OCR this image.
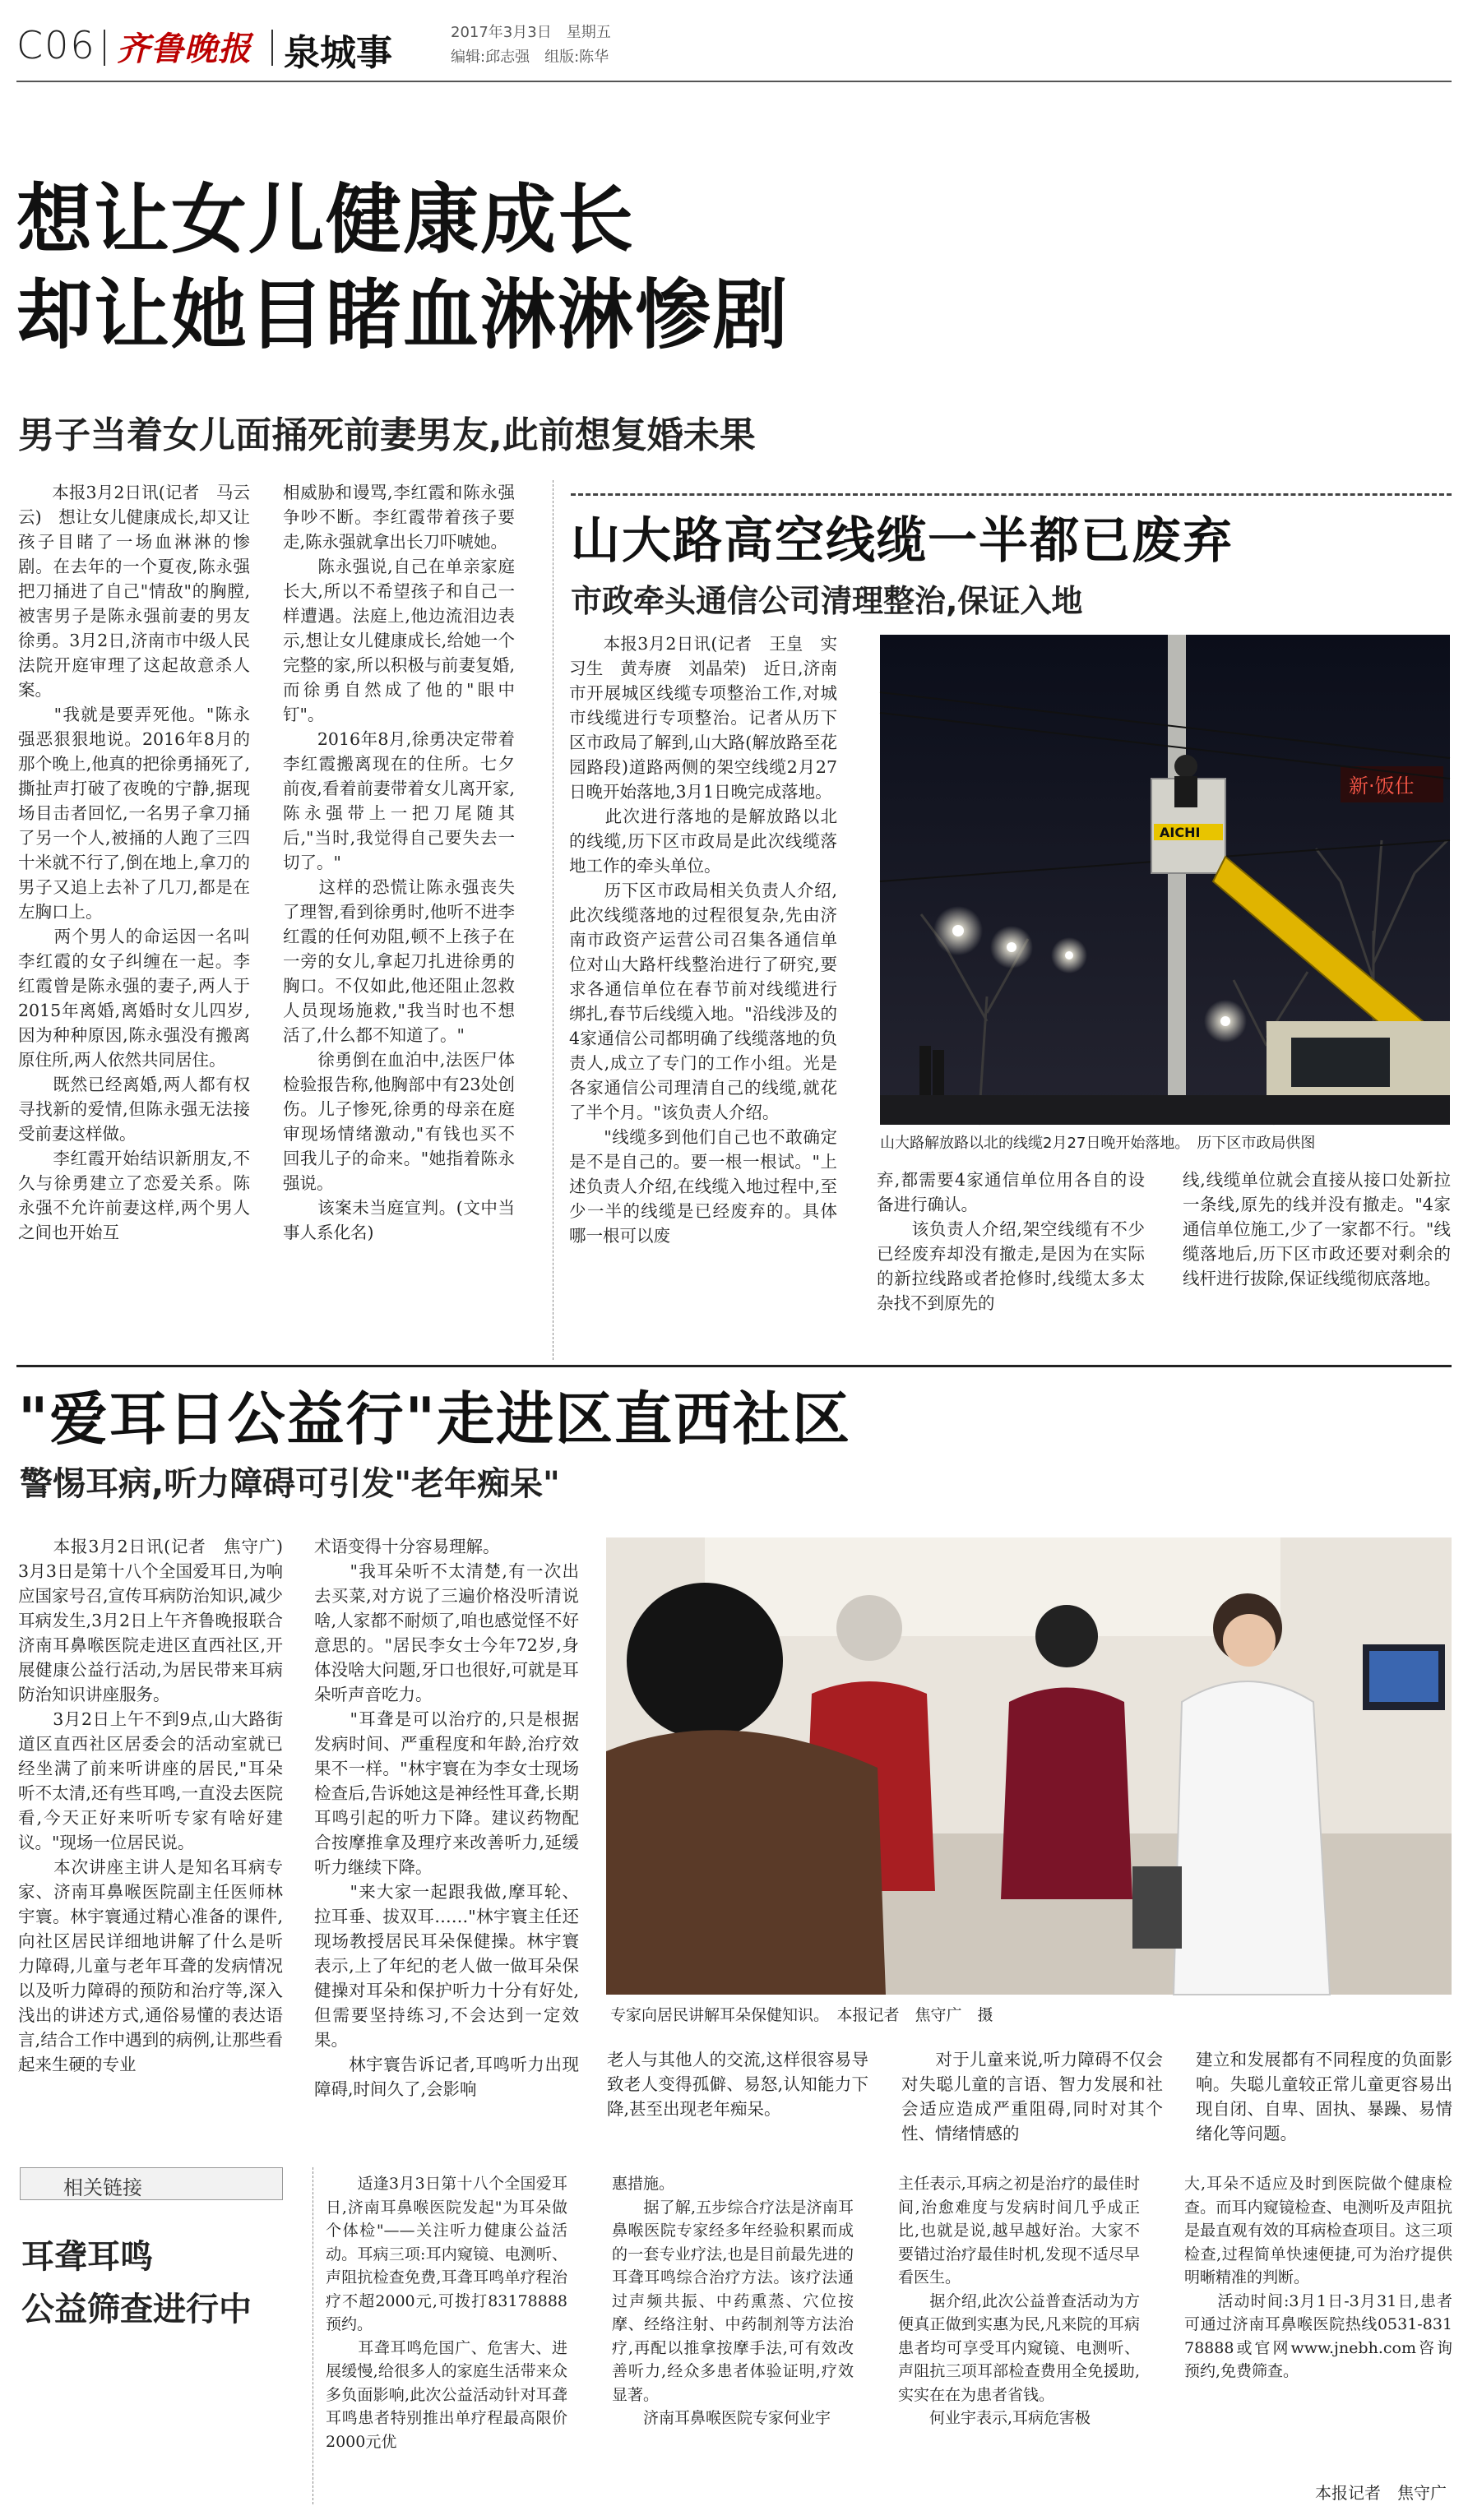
C06 齐鲁晚报 泉城事	2017年3月3日　星期五
编辑:邱志强　组版:陈华
想让女儿健康成长
却让她目睹血淋淋惨剧
男子当着女儿面捅死前妻男友,此前想复婚未果
　　本报3月2日讯(记者　马云云)　想让女儿健康成长,却又让孩子目睹了一场血淋淋的惨剧。在去年的一个夏夜,陈永强把刀捅进了自己"情敌"的胸膛,被害男子是陈永强前妻的男友徐勇。3月2日,济南市中级人民法院开庭审理了这起故意杀人案。
　　"我就是要弄死他。"陈永强恶狠狠地说。2016年8月的那个晚上,他真的把徐勇捅死了,撕扯声打破了夜晚的宁静,据现场目击者回忆,一名男子拿刀捅了另一个人,被捅的人跑了三四十米就不行了,倒在地上,拿刀的男子又追上去补了几刀,都是在左胸口上。
　　两个男人的命运因一名叫李红霞的女子纠缠在一起。李红霞曾是陈永强的妻子,两人于2015年离婚,离婚时女儿四岁,因为种种原因,陈永强没有搬离原住所,两人依然共同居住。
　　既然已经离婚,两人都有权寻找新的爱情,但陈永强无法接受前妻这样做。
　　李红霞开始结识新朋友,不久与徐勇建立了恋爱关系。陈永强不允许前妻这样,两个男人之间也开始互
相威胁和谩骂,李红霞和陈永强争吵不断。李红霞带着孩子要走,陈永强就拿出长刀吓唬她。
　　陈永强说,自己在单亲家庭长大,所以不希望孩子和自己一样遭遇。法庭上,他边流泪边表示,想让女儿健康成长,给她一个完整的家,所以积极与前妻复婚,而徐勇自然成了他的"眼中钉"。
　　2016年8月,徐勇决定带着李红霞搬离现在的住所。七夕前夜,看着前妻带着女儿离开家,陈永强带上一把刀尾随其后,"当时,我觉得自己要失去一切了。"
　　这样的恐慌让陈永强丧失了理智,看到徐勇时,他听不进李红霞的任何劝阻,顿不上孩子在一旁的女儿,拿起刀扎进徐勇的胸口。不仅如此,他还阻止忽救人员现场施救,"我当时也不想活了,什么都不知道了。"
　　徐勇倒在血泊中,法医尸体检验报告称,他胸部中有23处创伤。儿子惨死,徐勇的母亲在庭审现场情绪激动,"有钱也买不回我儿子的命来。"她指着陈永强说。
　　该案未当庭宣判。(文中当事人系化名)
山大路高空线缆一半都已废弃
市政牵头通信公司清理整治,保证入地
　　本报3月2日讯(记者　王皇　实习生　黄寿赓　刘晶荣)　近日,济南市开展城区线缆专项整治工作,对城市线缆进行专项整治。记者从历下区市政局了解到,山大路(解放路至花园路段)道路两侧的架空线缆2月27日晚开始落地,3月1日晚完成落地。
　　此次进行落地的是解放路以北的线缆,历下区市政局是此次线缆落地工作的牵头单位。
　　历下区市政局相关负责人介绍,此次线缆落地的过程很复杂,先由济南市政资产运营公司召集各通信单位对山大路杆线整治进行了研究,要求各通信单位在春节前对线缆进行绑扎,春节后线缆入地。"沿线涉及的4家通信公司都明确了线缆落地的负责人,成立了专门的工作小组。光是各家通信公司理清自己的线缆,就花了半个月。"该负责人介绍。
　　"线缆多到他们自己也不敢确定是不是自己的。要一根一根试。"上述负责人介绍,在线缆入地过程中,至少一半的线缆是已经废弃的。具体哪一根可以废
新·饭仕
AICHI
山大路解放路以北的线缆2月27日晚开始落地。　历下区市政局供图
弃,都需要4家通信单位用各自的设备进行确认。
　　该负责人介绍,架空线缆有不少已经废弃却没有撤走,是因为在实际的新拉线路或者抢修时,线缆太多太杂找不到原先的
线,线缆单位就会直接从接口处新拉一条线,原先的线并没有撤走。"4家通信单位施工,少了一家都不行。"线缆落地后,历下区市政还要对剩余的线杆进行拔除,保证线缆彻底落地。
"爱耳日公益行"走进区直西社区
警惕耳病,听力障碍可引发"老年痴呆"
　　本报3月2日讯(记者　焦守广)　3月3日是第十八个全国爱耳日,为响应国家号召,宣传耳病防治知识,减少耳病发生,3月2日上午齐鲁晚报联合济南耳鼻喉医院走进区直西社区,开展健康公益行活动,为居民带来耳病防治知识讲座服务。
　　3月2日上午不到9点,山大路街道区直西社区居委会的活动室就已经坐满了前来听讲座的居民,"耳朵听不太清,还有些耳鸣,一直没去医院看,今天正好来听听专家有啥好建议。"现场一位居民说。
　　本次讲座主讲人是知名耳病专家、济南耳鼻喉医院副主任医师林宇寰。林宇寰通过精心准备的课件,向社区居民详细地讲解了什么是听力障碍,儿童与老年耳聋的发病情况以及听力障碍的预防和治疗等,深入浅出的讲述方式,通俗易懂的表达语言,结合工作中遇到的病例,让那些看起来生硬的专业
术语变得十分容易理解。
　　"我耳朵听不太清楚,有一次出去买菜,对方说了三遍价格没听清说啥,人家都不耐烦了,咱也感觉怪不好意思的。"居民李女士今年72岁,身体没啥大问题,牙口也很好,可就是耳朵听声音吃力。
　　"耳聋是可以治疗的,只是根据发病时间、严重程度和年龄,治疗效果不一样。"林宇寰在为李女士现场检查后,告诉她这是神经性耳聋,长期耳鸣引起的听力下降。建议药物配合按摩推拿及理疗来改善听力,延缓听力继续下降。
　　"来大家一起跟我做,摩耳轮、拉耳垂、拔双耳……"林宇寰主任还现场教授居民耳朵保健操。林宇寰表示,上了年纪的老人做一做耳朵保健操对耳朵和保护听力十分有好处,但需要坚持练习,不会达到一定效果。
　　林宇寰告诉记者,耳鸣听力出现障碍,时间久了,会影响
专家向居民讲解耳朵保健知识。　本报记者　焦守广　摄
老人与其他人的交流,这样很容易导致老人变得孤僻、易怒,认知能力下降,甚至出现老年痴呆。
　　对于儿童来说,听力障碍不仅会对失聪儿童的言语、智力发展和社会适应造成严重阻碍,同时对其个性、情绪情感的
建立和发展都有不同程度的负面影响。失聪儿童较正常儿童更容易出现自闭、自卑、固执、暴躁、易情绪化等问题。
相关链接
耳聋耳鸣
公益筛查进行中
　　适逢3月3日第十八个全国爱耳日,济南耳鼻喉医院发起"为耳朵做个体检"——关注听力健康公益活动。耳病三项:耳内窥镜、电测听、声阻抗检查免费,耳聋耳鸣单疗程治疗不超2000元,可拨打83178888预约。
　　耳聋耳鸣危国广、危害大、进展缓慢,给很多人的家庭生活带来众多负面影响,此次公益活动针对耳聋耳鸣患者特别推出单疗程最高限价2000元优
惠措施。
　　据了解,五步综合疗法是济南耳鼻喉医院专家经多年经验积累而成的一套专业疗法,也是目前最先进的耳聋耳鸣综合治疗方法。该疗法通过声频共振、中药熏蒸、穴位按摩、经络注射、中药制剂等方法治疗,再配以推拿按摩手法,可有效改善听力,经众多患者体验证明,疗效显著。
　　济南耳鼻喉医院专家何业宇
主任表示,耳病之初是治疗的最佳时间,治愈难度与发病时间几乎成正比,也就是说,越早越好治。大家不要错过治疗最佳时机,发现不适尽早看医生。
　　据介绍,此次公益普查活动为方便真正做到实惠为民,凡来院的耳病患者均可享受耳内窥镜、电测听、声阻抗三项耳部检查费用全免援助,实实在在为患者省钱。
　　何业宇表示,耳病危害极
大,耳朵不适应及时到医院做个健康检查。而耳内窥镜检查、电测听及声阻抗是最直观有效的耳病检查项目。这三项检查,过程简单快速便捷,可为治疗提供明晰精准的判断。
　　活动时间:3月1日-3月31日,患者可通过济南耳鼻喉医院热线0531-83178888或官网www.jnebh.com咨询预约,免费筛查。
本报记者　焦守广
